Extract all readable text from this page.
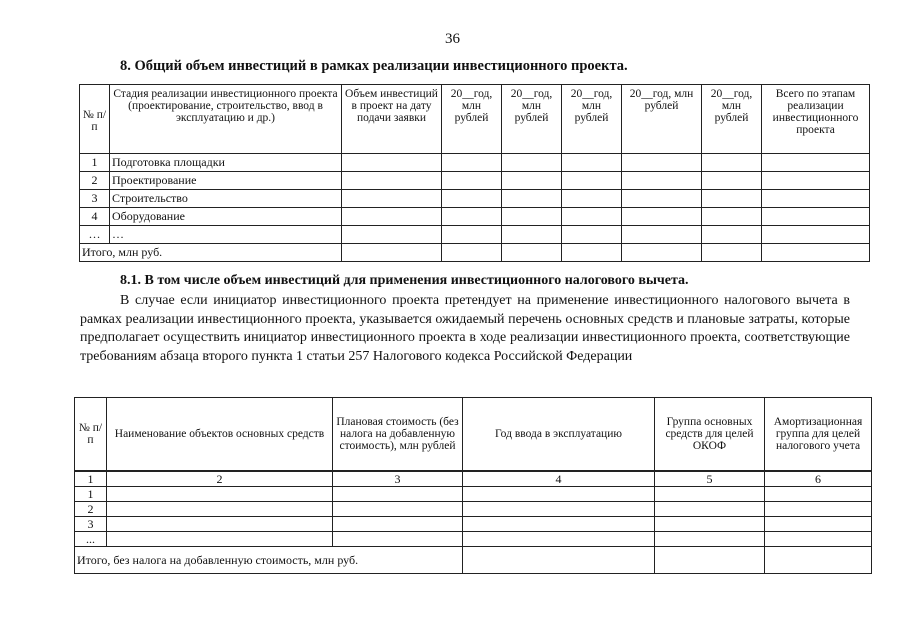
36
8. Общий объем инвестиций в рамках реализации инвестиционного проекта.
№ п/п	Стадия реализации инвестиционного проекта (проектирование, строительство, ввод в эксплуатацию и др.)	Объем инвестиций в проект на дату подачи заявки	20__год, млн рублей	20__год, млн рублей	20__год, млн рублей	20__год, млн рублей	20__год, млн рублей	Всего по этапам реализации инвестиционного проекта
1	Подготовка площадки							
2	Проектирование							
3	Строительство							
4	Оборудование							
…	…							
Итого, млн руб.								
8.1. В том числе объем инвестиций для применения инвестиционного налогового вычета.

В случае если инициатор инвестиционного проекта претендует на применение инвестиционного налогового вычета в рамках реализации инвестиционного проекта, указывается ожидаемый перечень основных средств и плановые затраты, которые предполагает осуществить инициатор инвестиционного проекта в ходе реализации инвестиционного проекта, соответствующие требованиям абзаца второго пункта 1 статьи 257 Налогового кодекса Российской Федерации

№ п/п	Наименование объектов основных средств	Плановая стоимость (без налога на добавленную стоимость), млн рублей	Год ввода в эксплуатацию	Группа основных средств для целей ОКОФ	Амортизационная группа для целей налогового учета
1	2	3	4	5	6
1					
2					
3					
...					
Итого, без налога на добавленную стоимость, млн руб.					
